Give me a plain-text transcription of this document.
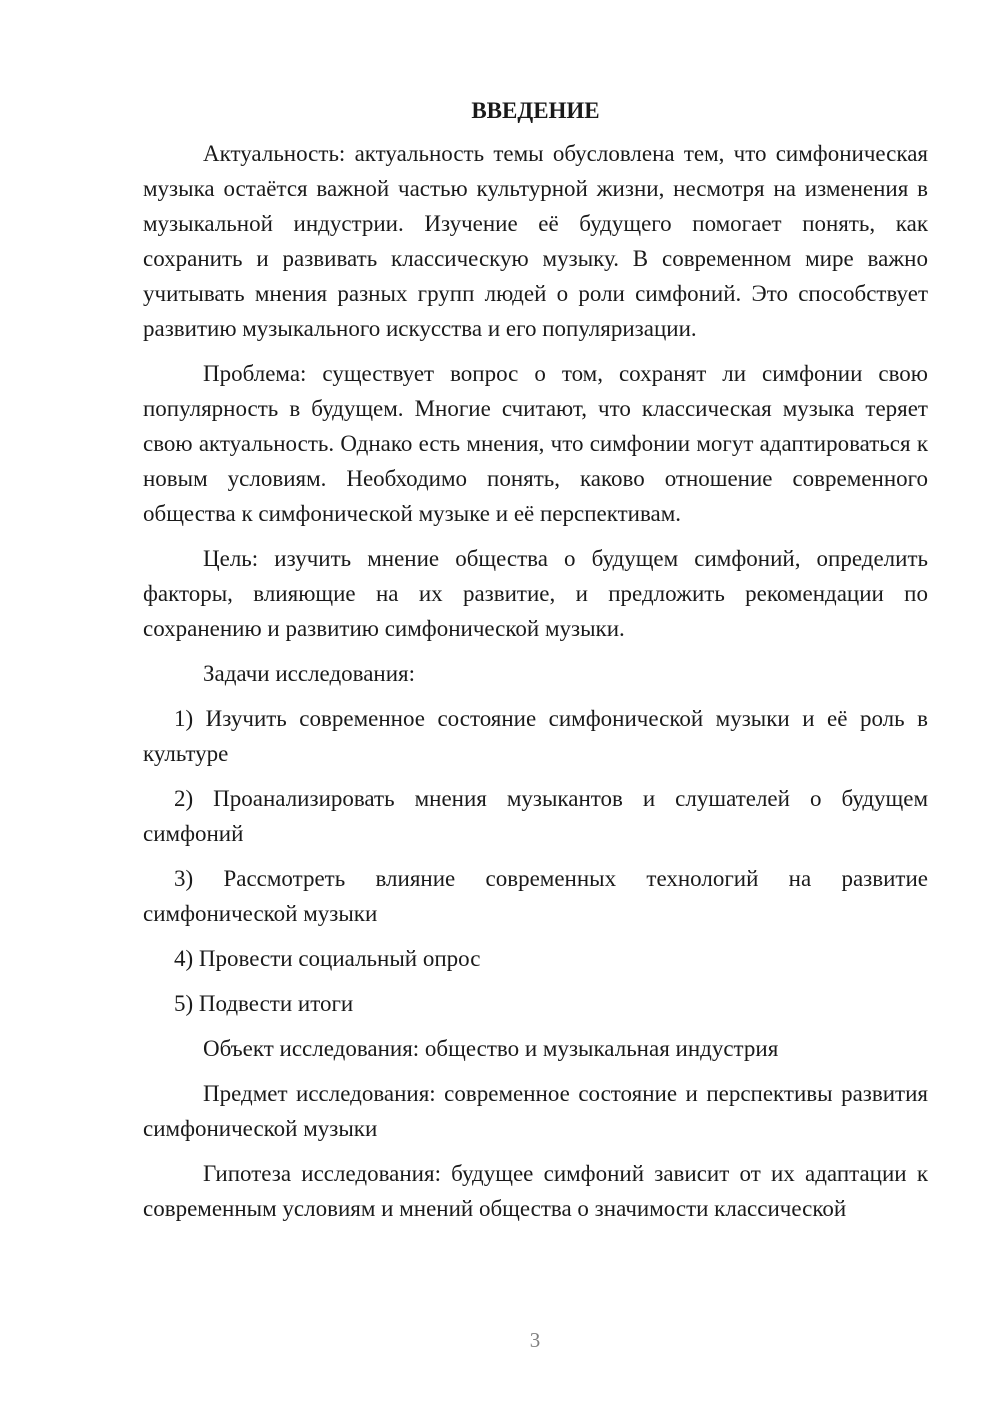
ВВЕДЕНИЕ

Актуальность: актуальность темы обусловлена тем, что симфоническая музыка остаётся важной частью культурной жизни, несмотря на изменения в музыкальной индустрии. Изучение её будущего помогает понять, как сохранить и развивать классическую музыку. В современном мире важно учитывать мнения разных групп людей о роли симфоний. Это способствует развитию музыкального искусства и его популяризации.

Проблема: существует вопрос о том, сохранят ли симфонии свою популярность в будущем. Многие считают, что классическая музыка теряет свою актуальность. Однако есть мнения, что симфонии могут адаптироваться к новым условиям. Необходимо понять, каково отношение современного общества к симфонической музыке и её перспективам.

Цель: изучить мнение общества о будущем симфоний, определить факторы, влияющие на их развитие, и предложить рекомендации по сохранению и развитию симфонической музыки.

Задачи исследования:

1) Изучить современное состояние симфонической музыки и её роль в культуре

2) Проанализировать мнения музыкантов и слушателей о будущем симфоний

3) Рассмотреть влияние современных технологий на развитие симфонической музыки

4) Провести социальный опрос

5) Подвести итоги

Объект исследования: общество и музыкальная индустрия

Предмет исследования: современное состояние и перспективы развития симфонической музыки

Гипотеза исследования: будущее симфоний зависит от их адаптации к современным условиям и мнений общества о значимости классической

3
